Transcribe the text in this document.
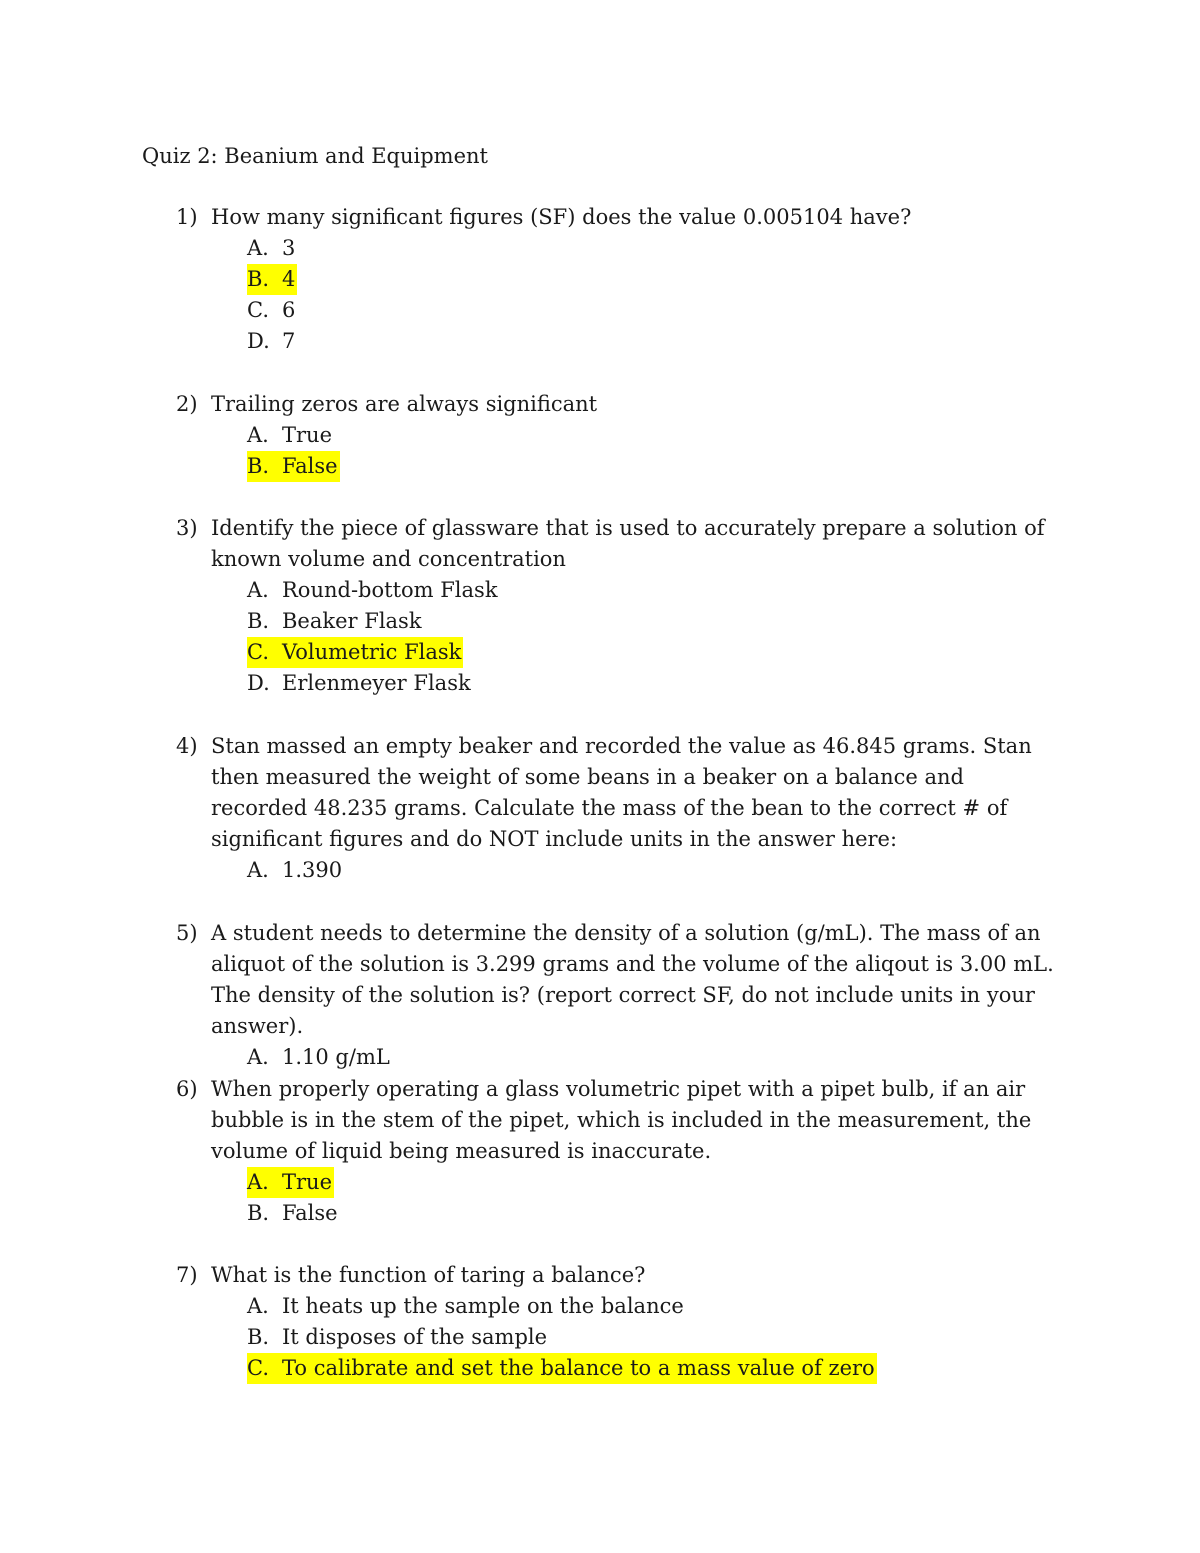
Quiz 2: Beanium and Equipment
1) How many significant figures (SF) does the value 0.005104 have?
A. 3
B. 4
C. 6
D. 7
2) Trailing zeros are always significant
A. True
B. False
3) Identify the piece of glassware that is used to accurately prepare a solution of known volume and concentration
A. Round-bottom Flask
B. Beaker Flask
C. Volumetric Flask
D. Erlenmeyer Flask
4) Stan massed an empty beaker and recorded the value as 46.845 grams. Stan then measured the weight of some beans in a beaker on a balance and recorded 48.235 grams. Calculate the mass of the bean to the correct # of significant figures and do NOT include units in the answer here:
A. 1.390
5) A student needs to determine the density of a solution (g/mL). The mass of an aliquot of the solution is 3.299 grams and the volume of the aliqout is 3.00 mL. The density of the solution is? (report correct SF, do not include units in your answer).
A. 1.10 g/mL
6) When properly operating a glass volumetric pipet with a pipet bulb, if an air bubble is in the stem of the pipet, which is included in the measurement, the volume of liquid being measured is inaccurate.
A. True
B. False
7) What is the function of taring a balance?
A. It heats up the sample on the balance
B. It disposes of the sample
C. To calibrate and set the balance to a mass value of zero
